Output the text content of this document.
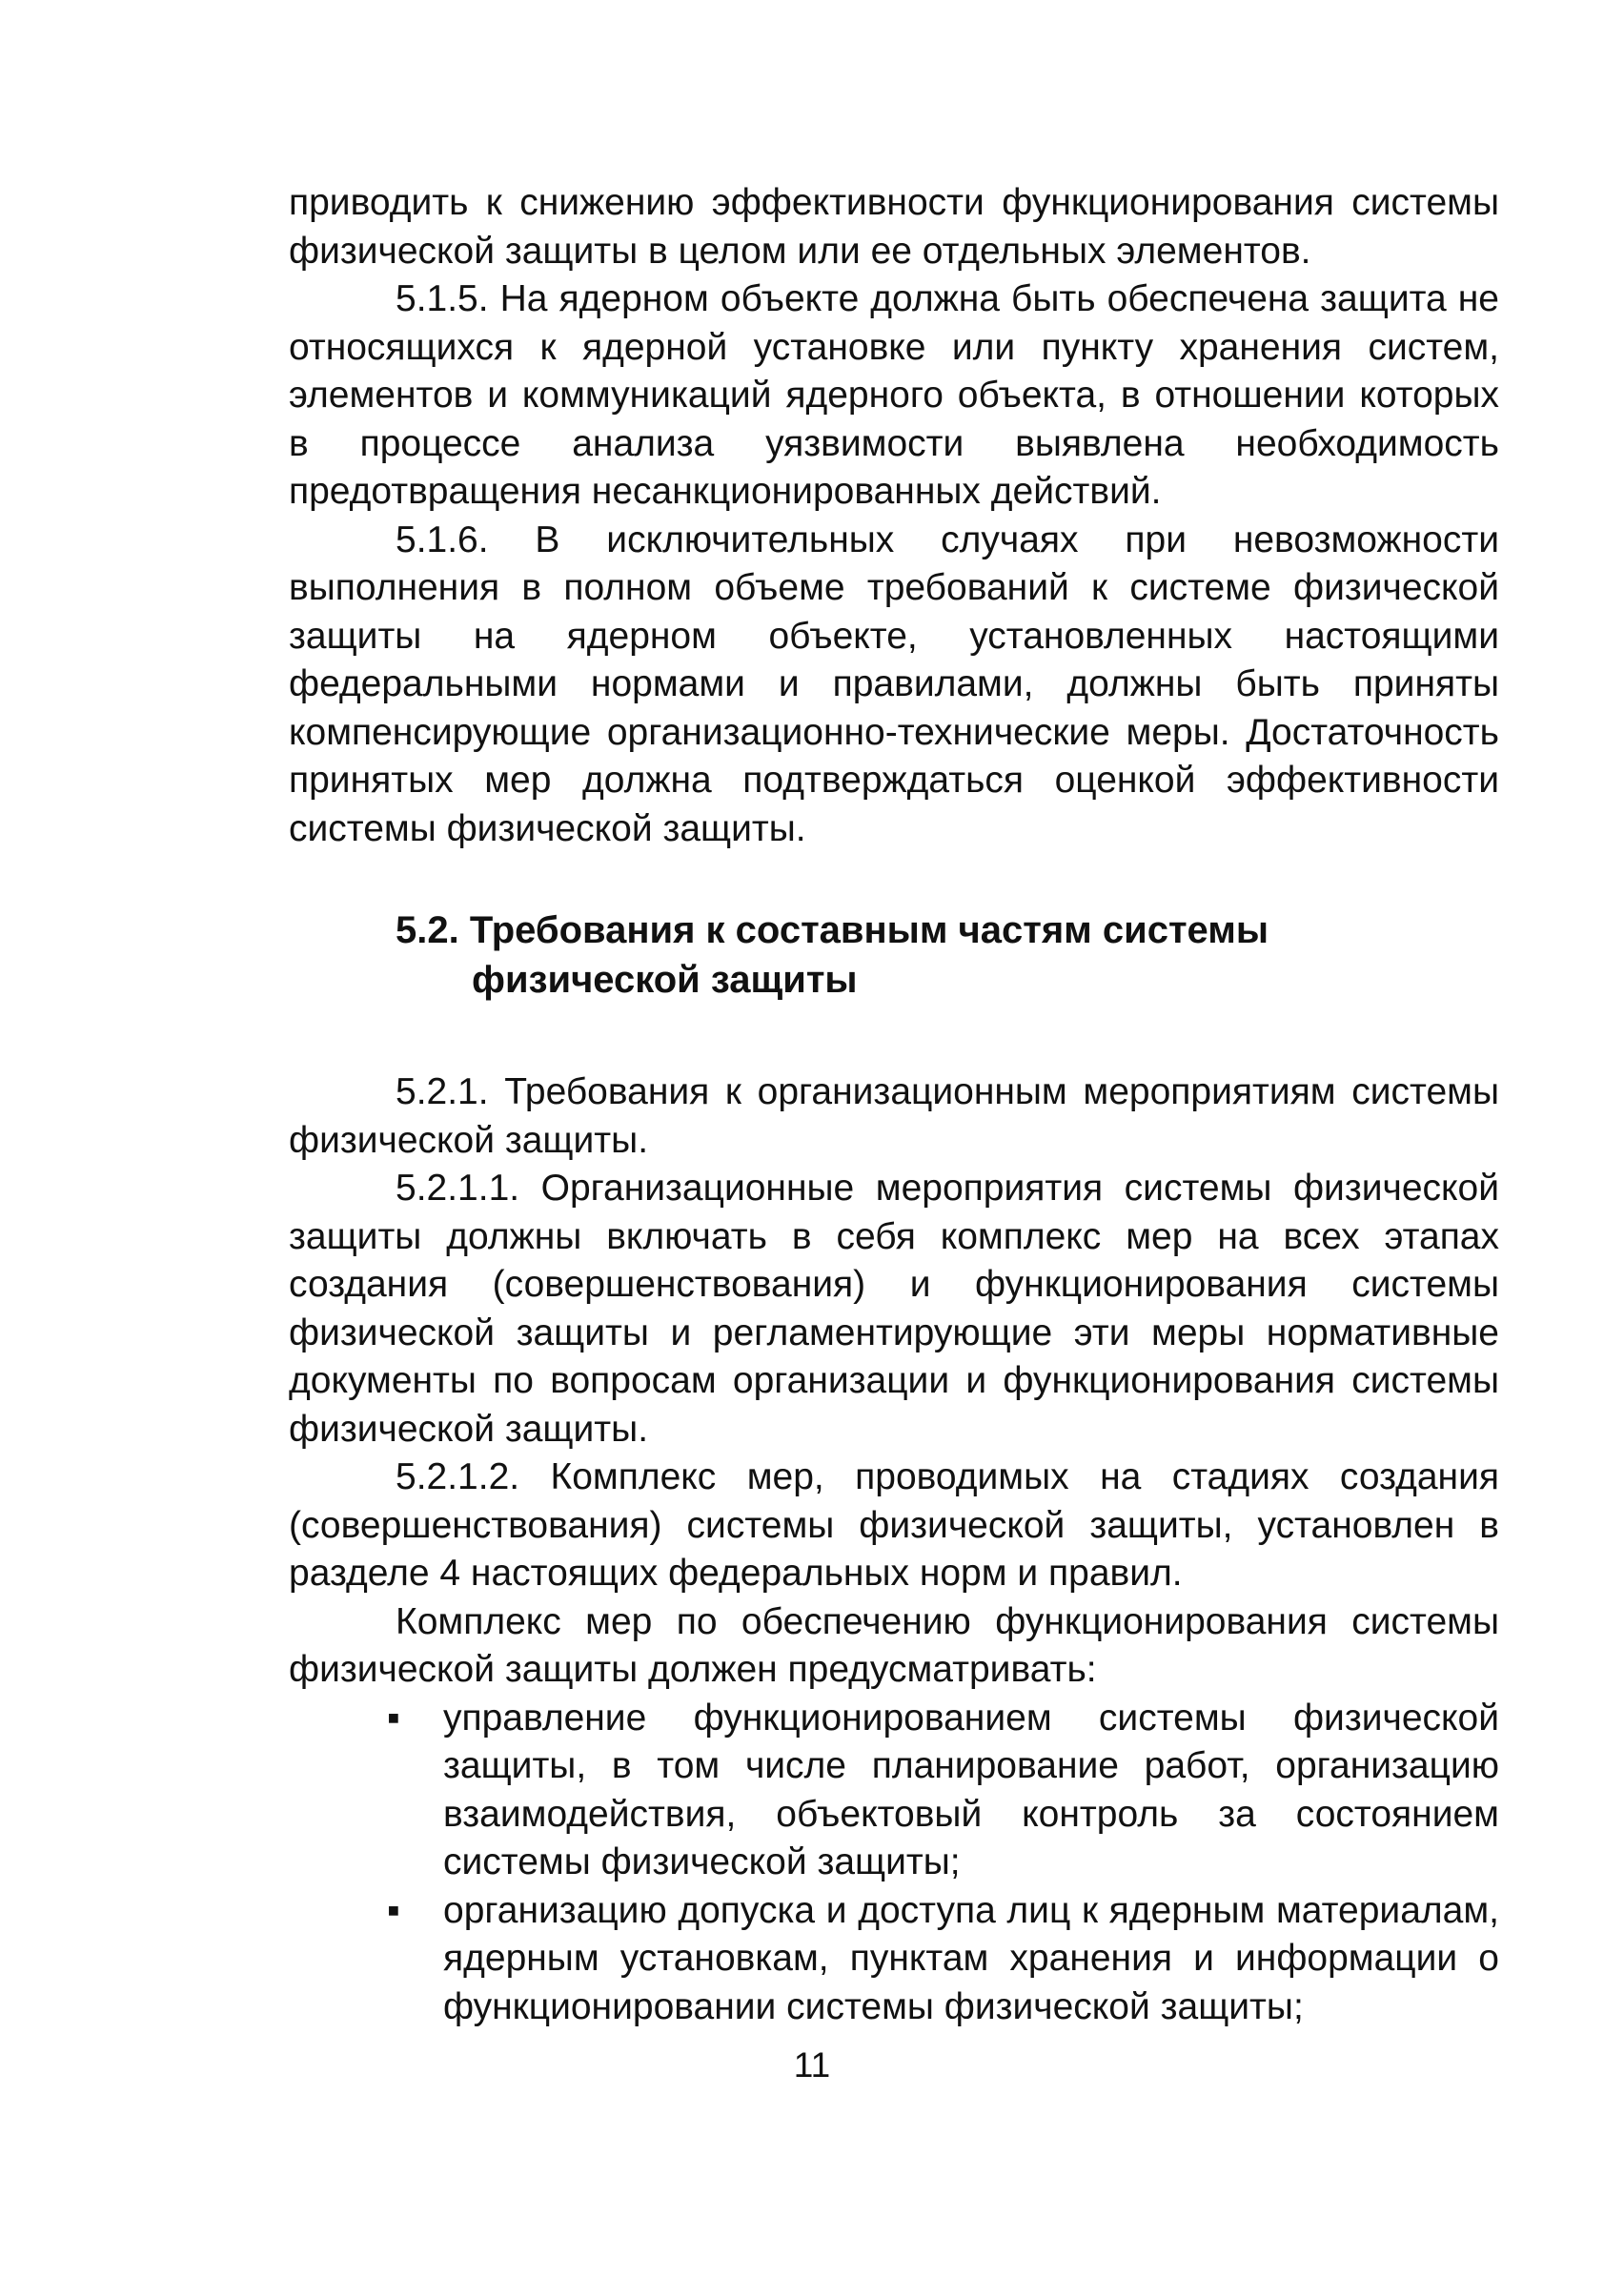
приводить к снижению эффективности функционирования системы физической защиты в целом или ее отдельных элементов.

5.1.5. На ядерном объекте должна быть обеспечена защита не относящихся к ядерной установке или пункту хранения систем, элементов и коммуникаций ядерного объекта, в отношении которых в процессе анализа уязвимости выявлена необходимость предотвращения несанкционированных действий.

5.1.6. В исключительных случаях при невозможности выполнения в полном объеме требований к системе физической защиты на ядерном объекте, установленных настоящими федеральными нормами и правилами, должны быть приняты компенсирующие организационно-технические меры. Достаточность принятых мер должна подтверждаться оценкой эффективности системы физической защиты.

5.2. Требования к составным частям системы
физической защиты

5.2.1. Требования к организационным мероприятиям системы физической защиты.

5.2.1.1. Организационные мероприятия системы физической защиты должны включать в себя комплекс мер на всех этапах создания (совершенствования) и функционирования системы физической защиты и регламентирующие эти меры нормативные документы по вопросам организации и функционирования системы физической защиты.

5.2.1.2. Комплекс мер, проводимых на стадиях создания (совершенствования) системы физической защиты, установлен в разделе 4 настоящих федеральных норм и правил.

Комплекс мер по обеспечению функционирования системы физической защиты должен предусматривать:

▪ управление функционированием системы физической защиты, в том числе планирование работ, организацию взаимодействия, объектовый контроль за состоянием системы физической защиты;
▪ организацию допуска и доступа лиц к ядерным материалам, ядерным установкам, пунктам хранения и информации о функционировании системы физической защиты;
11
